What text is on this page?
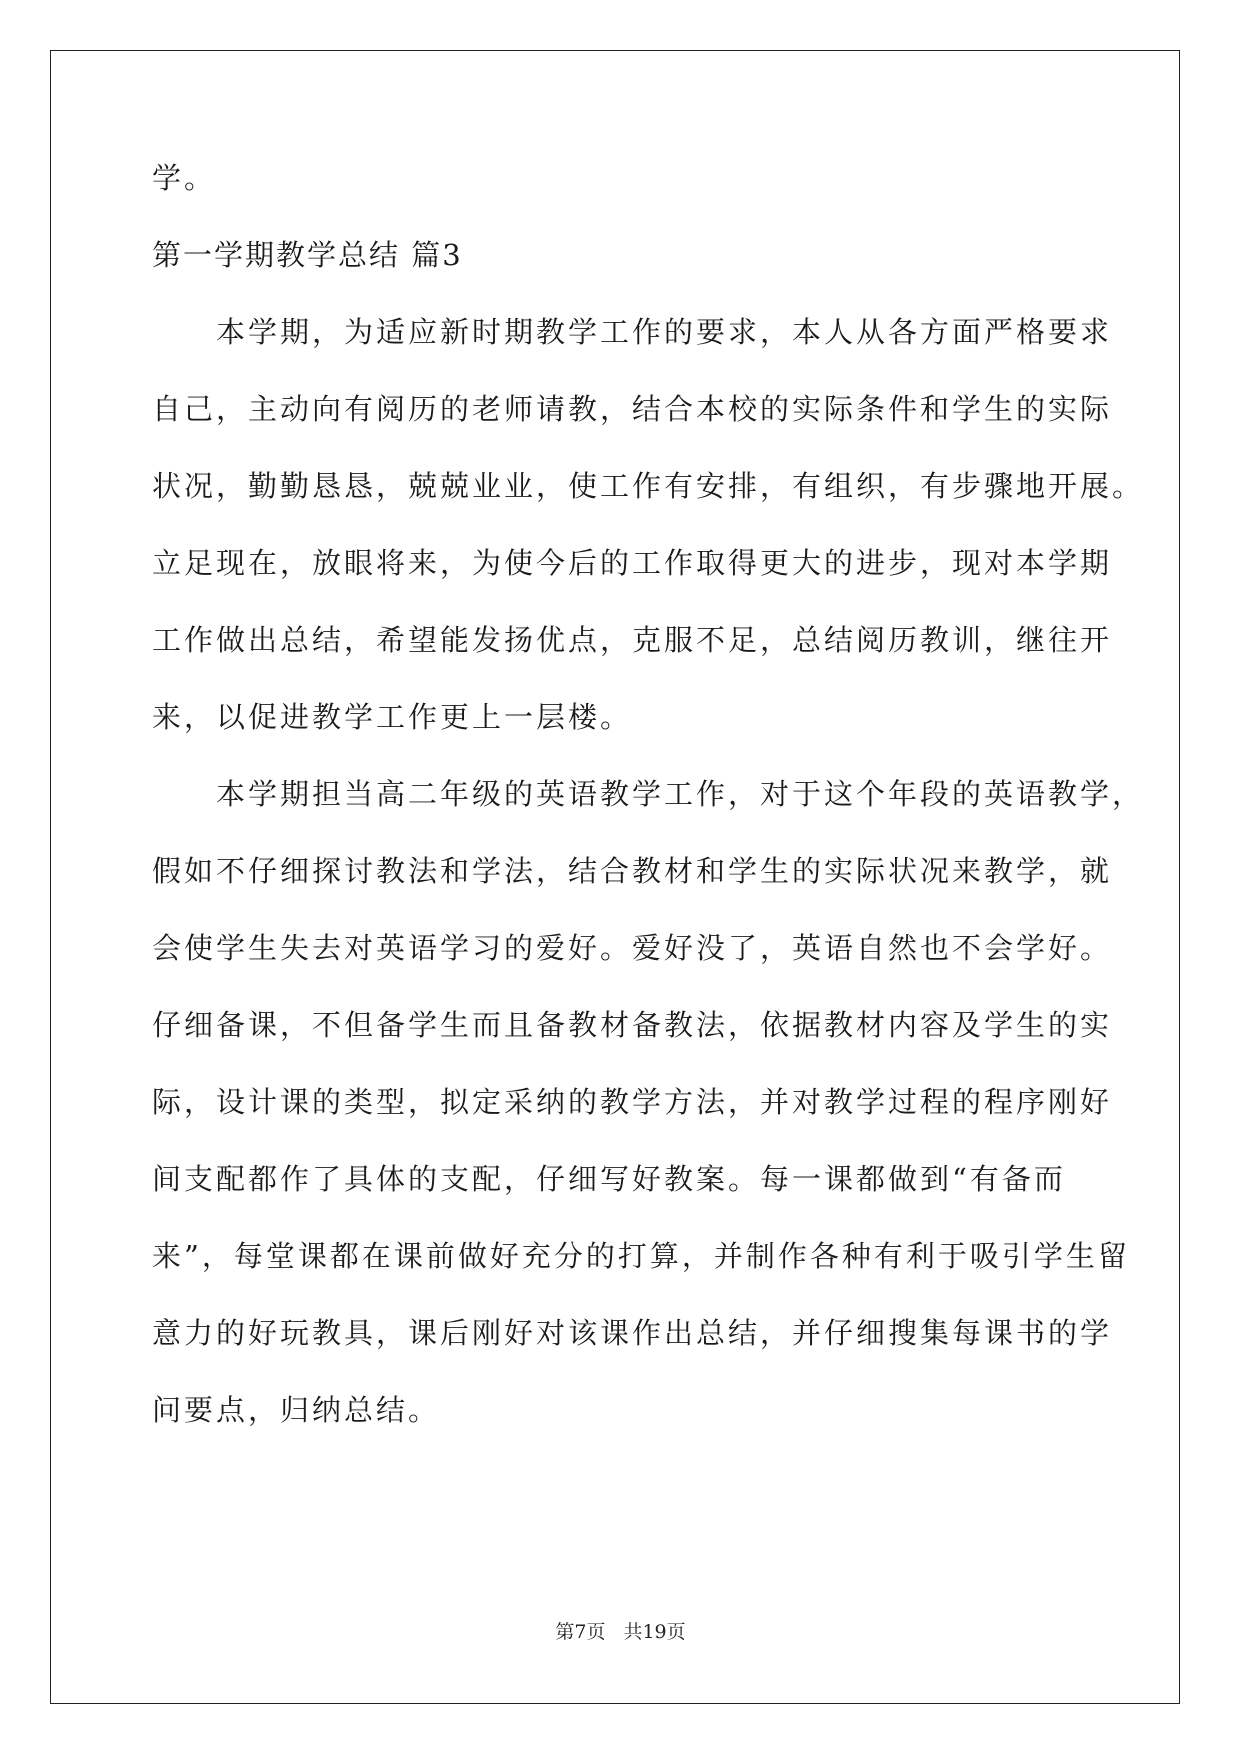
学。
第一学期教学总结 篇3
　　本学期，为适应新时期教学工作的要求，本人从各方面严格要求
自己，主动向有阅历的老师请教，结合本校的实际条件和学生的实际
状况，勤勤恳恳，兢兢业业，使工作有安排，有组织，有步骤地开展。
立足现在，放眼将来，为使今后的工作取得更大的进步，现对本学期
工作做出总结，希望能发扬优点，克服不足，总结阅历教训，继往开
来，以促进教学工作更上一层楼。
　　本学期担当高二年级的英语教学工作，对于这个年段的英语教学，
假如不仔细探讨教法和学法，结合教材和学生的实际状况来教学，就
会使学生失去对英语学习的爱好。爱好没了，英语自然也不会学好。
仔细备课，不但备学生而且备教材备教法，依据教材内容及学生的实
际，设计课的类型，拟定采纳的教学方法，并对教学过程的程序刚好
间支配都作了具体的支配，仔细写好教案。每一课都做到“有备而
来”，每堂课都在课前做好充分的打算，并制作各种有利于吸引学生留
意力的好玩教具，课后刚好对该课作出总结，并仔细搜集每课书的学
问要点，归纳总结。
第7页 共19页
